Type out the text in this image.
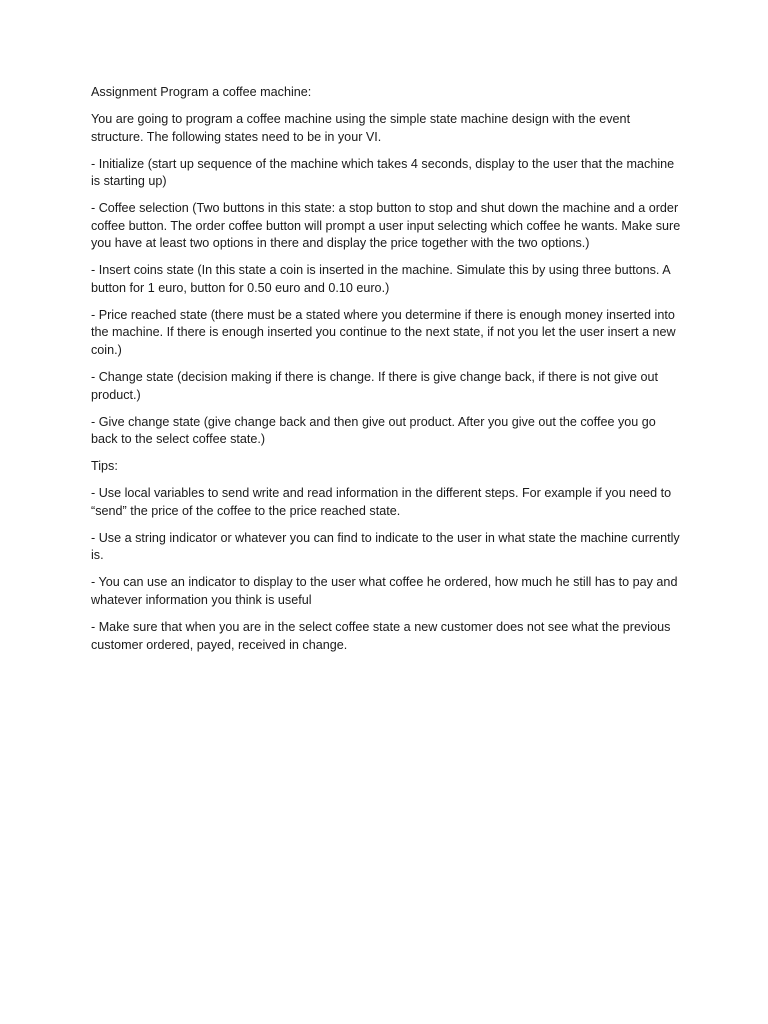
Assignment Program a coffee machine:

You are going to program a coffee machine using the simple state machine design with the event structure. The following states need to be in your VI.

- Initialize (start up sequence of the machine which takes 4 seconds, display to the user that the machine is starting up)

- Coffee selection (Two buttons in this state: a stop button to stop and shut down the machine and a order coffee button. The order coffee button will prompt a user input selecting which coffee he wants. Make sure you have at least two options in there and display the price together with the two options.)

- Insert coins state (In this state a coin is inserted in the machine. Simulate this by using three buttons. A button for 1 euro, button for 0.50 euro and 0.10 euro.)

- Price reached state (there must be a stated where you determine if there is enough money inserted into the machine. If there is enough inserted you continue to the next state, if not you let the user insert a new coin.)

- Change state (decision making if there is change. If there is give change back, if there is not give out product.)

- Give change state (give change back and then give out product. After you give out the coffee you go back to the select coffee state.)

Tips:

- Use local variables to send write and read information in the different steps. For example if you need to “send” the price of the coffee to the price reached state.

- Use a string indicator or whatever you can find to indicate to the user in what state the machine currently is.

- You can use an indicator to display to the user what coffee he ordered, how much he still has to pay and whatever information you think is useful

- Make sure that when you are in the select coffee state a new customer does not see what the previous customer ordered, payed, received in change.
